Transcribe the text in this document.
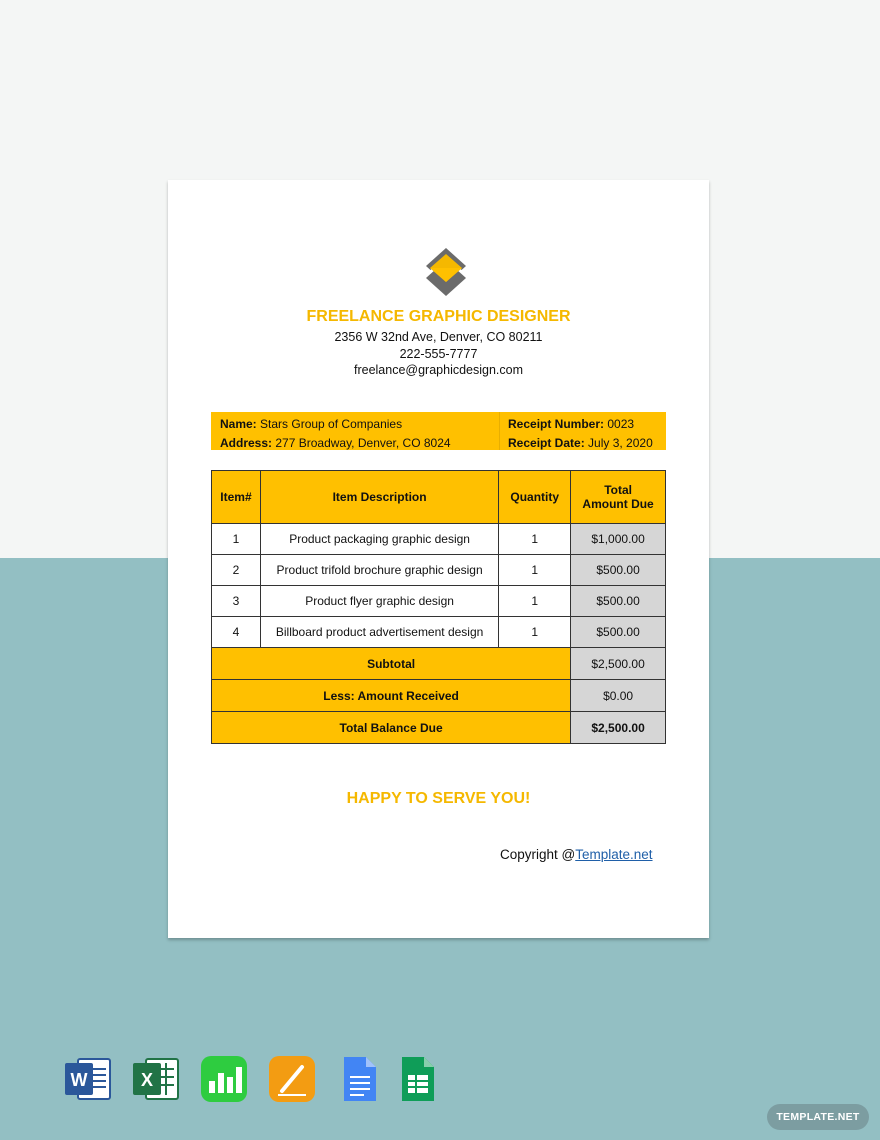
FREELANCE GRAPHIC DESIGNER
2356 W 32nd Ave, Denver, CO 80211
222-555-7777
freelance@graphicdesign.com
Name: Stars Group of Companies
Address: 277 Broadway, Denver, CO 8024
Receipt Number: 0023
Receipt Date: July 3, 2020
Item#	Item Description	Quantity	Total
Amount Due

1	Product packaging graphic design	1	$1,000.00
2	Product trifold brochure graphic design	1	$500.00
3	Product flyer graphic design	1	$500.00
4	Billboard product advertisement design	1	$500.00
Subtotal			$2,500.00
Less: Amount Received			$0.00
Total Balance Due			$2,500.00
HAPPY TO SERVE YOU!
Copyright @Template.net
W	X
TEMPLATE.NET
